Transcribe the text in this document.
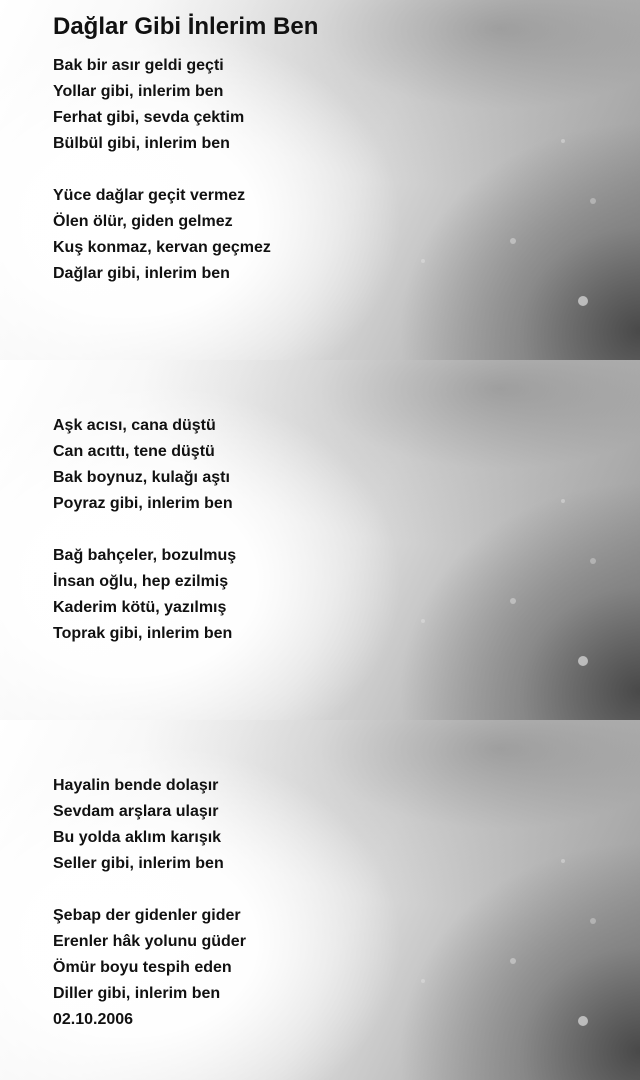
Dağlar Gibi İnlerim Ben
Bak bir asır geldi geçti
Yollar gibi, inlerim ben
Ferhat gibi, sevda çektim
Bülbül gibi, inlerim ben
Yüce dağlar geçit vermez
Ölen ölür, giden gelmez
Kuş konmaz, kervan geçmez
Dağlar gibi, inlerim ben
Aşk acısı, cana düştü
Can acıttı, tene düştü
Bak boynuz, kulağı aştı
Poyraz gibi, inlerim ben
Bağ bahçeler, bozulmuş
İnsan oğlu, hep ezilmiş
Kaderim kötü, yazılmış
Toprak gibi, inlerim ben
Hayalin bende dolaşır
Sevdam arşlara ulaşır
Bu yolda aklım karışık
Seller gibi, inlerim ben
Şebap der gidenler gider
Erenler hâk yolunu güder
Ömür boyu tespih eden
Diller gibi, inlerim ben
02.10.2006
